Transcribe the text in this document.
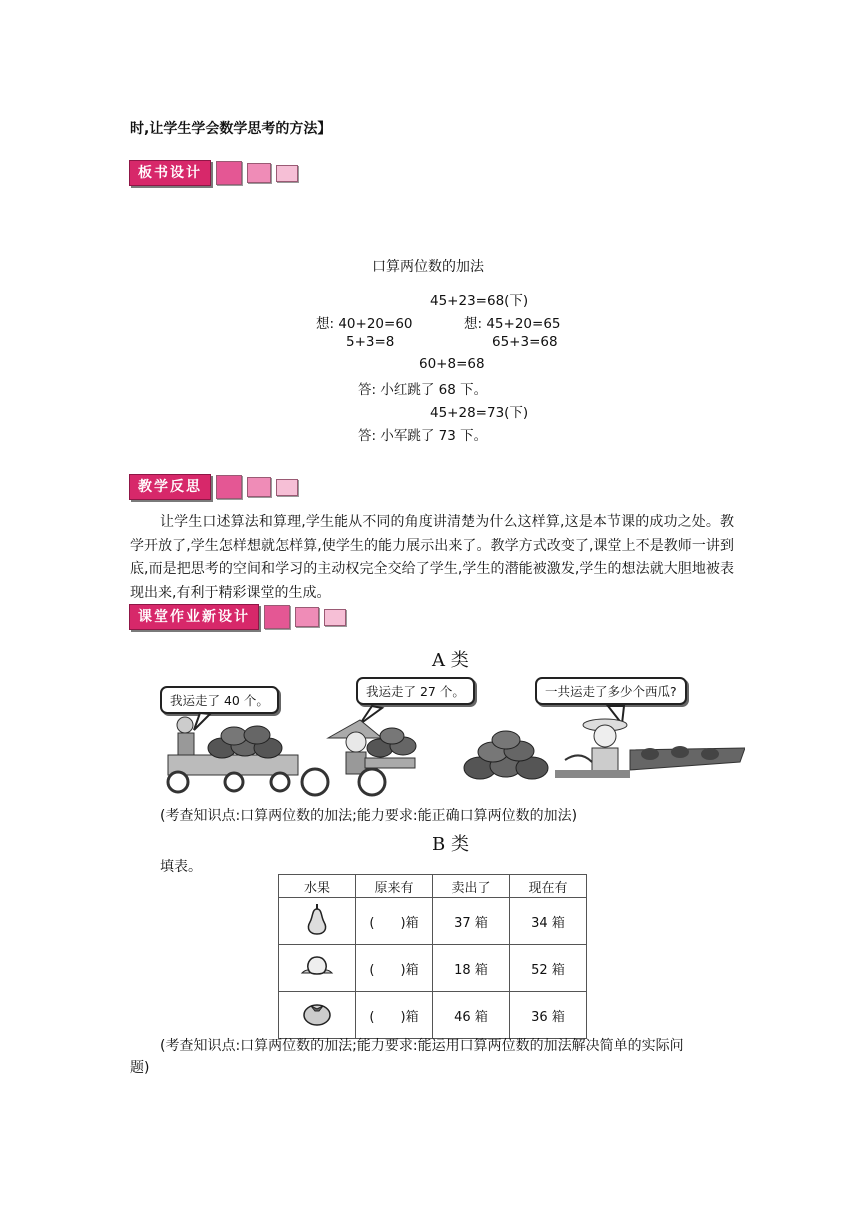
时,让学生学会数学思考的方法】
板书设计
口算两位数的加法
45+23=68(下)
想: 40+20=60	想: 45+20=65
5+3=8	65+3=68
60+8=68
答: 小红跳了 68 下。
45+28=73(下)
答: 小军跳了 73 下。
教学反思
让学生口述算法和算理,学生能从不同的角度讲清楚为什么这样算,这是本节课的成功之处。教学开放了,学生怎样想就怎样算,使学生的能力展示出来了。教学方式改变了,课堂上不是教师一讲到底,而是把思考的空间和学习的主动权完全交给了学生,学生的潜能被激发,学生的想法就大胆地被表现出来,有利于精彩课堂的生成。
课堂作业新设计
A 类
我运走了 40 个。
我运走了 27 个。	一共运走了多少个西瓜?
(考查知识点:口算两位数的加法;能力要求:能正确口算两位数的加法)
B 类
填表。
水果	原来有	卖出了	现在有
	(　　)箱	37 箱	34 箱
	(　　)箱	18 箱	52 箱
	(　　)箱	46 箱	36 箱
(考查知识点:口算两位数的加法;能力要求:能运用口算两位数的加法解决简单的实际问
题)
